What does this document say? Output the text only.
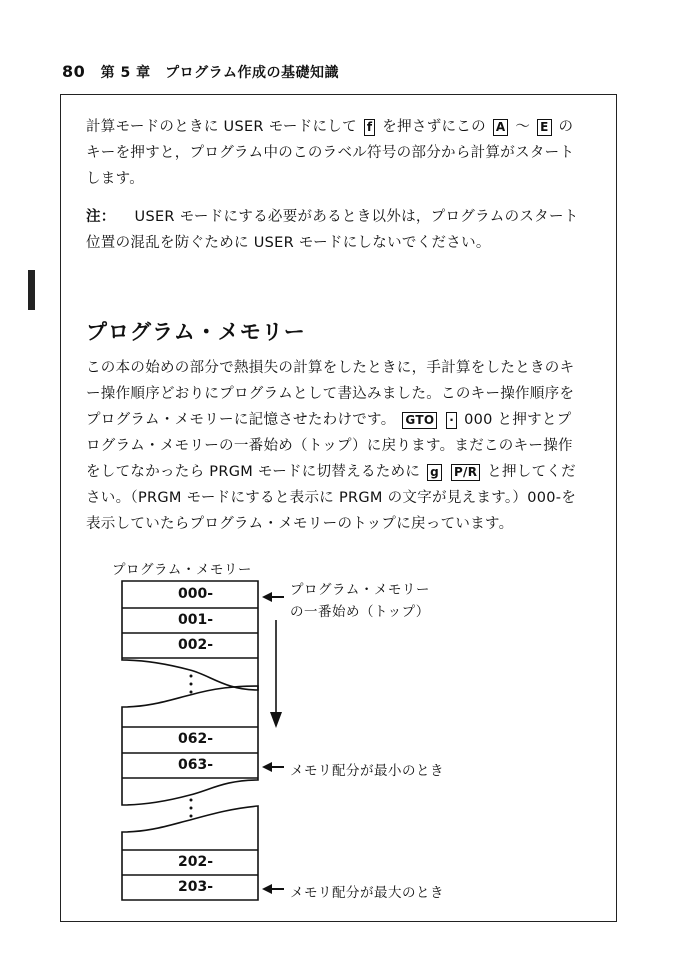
80 第 5 章　プログラム作成の基礎知識
計算モードのときに USER モードにして f を押さずにこの A ～ E のキーを押すと，プログラム中のこのラベル符号の部分から計算がスタートします。
注： USER モードにする必要があるとき以外は，プログラムのスタート位置の混乱を防ぐために USER モードにしないでください。
プログラム・メモリー
この本の始めの部分で熱損失の計算をしたときに，手計算をしたときのキー操作順序どおりにプログラムとして書込みました。このキー操作順序をプログラム・メモリーに記憶させたわけです。 GTO · 000 と押すとプログラム・メモリーの一番始め（トップ）に戻ります。まだこのキー操作をしてなかったら PRGM モードに切替えるために g P/R と押してください。（PRGM モードにすると表示に PRGM の文字が見えます。）000-を表示していたらプログラム・メモリーのトップに戻っています。
プログラム・メモリー
000-
001-
002-
062-
063-
202-
203-
プログラム・メモリー
の一番始め（トップ）
メモリ配分が最小のとき
メモリ配分が最大のとき
